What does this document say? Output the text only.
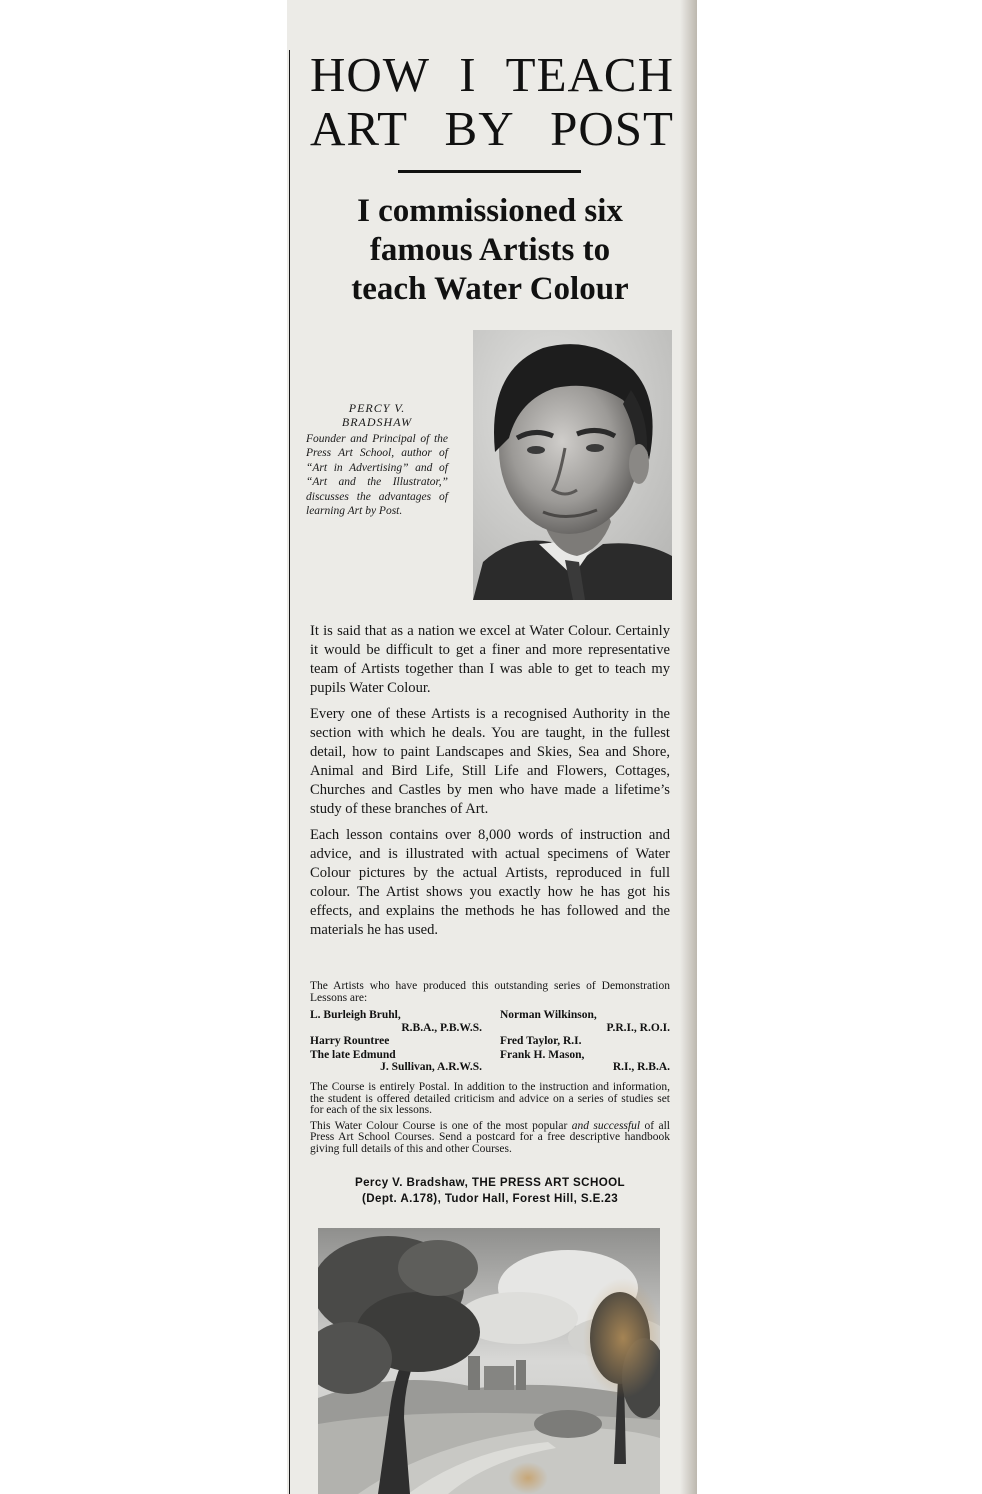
HOW I TEACH
ART BY POST
I commissioned six
famous Artists to
teach Water Colour
PERCY V.
BRADSHAW

Founder and Principal of the Press Art School, author of “Art in Advertising” and of “Art and the Illustrator,” discusses the advantages of learning Art by Post.

It is said that as a nation we excel at Water Colour. Certainly it would be difficult to get a finer and more representative team of Artists together than I was able to get to teach my pupils Water Colour.

Every one of these Artists is a recognised Authority in the section with which he deals. You are taught, in the fullest detail, how to paint Landscapes and Skies, Sea and Shore, Animal and Bird Life, Still Life and Flowers, Cottages, Churches and Castles by men who have made a lifetime’s study of these branches of Art.

Each lesson contains over 8,000 words of instruction and advice, and is illustrated with actual specimens of Water Colour pictures by the actual Artists, reproduced in full colour. The Artist shows you exactly how he has got his effects, and explains the methods he has followed and the materials he has used.

The Artists who have produced this outstanding series of Demonstration Lessons are:

L. Burleigh Bruhl,
R.B.A., P.B.W.S.
Harry Rountree
The late Edmund
J. Sullivan, A.R.W.S.
Norman Wilkinson,
P.R.I., R.O.I.
Fred Taylor, R.I.
Frank H. Mason,
R.I., R.B.A.

The Course is entirely Postal. In addition to the instruction and information, the student is offered detailed criticism and advice on a series of studies set for each of the six lessons.

This Water Colour Course is one of the most popular and successful of all Press Art School Courses. Send a postcard for a free descriptive handbook giving full details of this and other Courses.

Percy V. Bradshaw, THE PRESS ART SCHOOL
(Dept. A.178), Tudor Hall, Forest Hill, S.E.23
